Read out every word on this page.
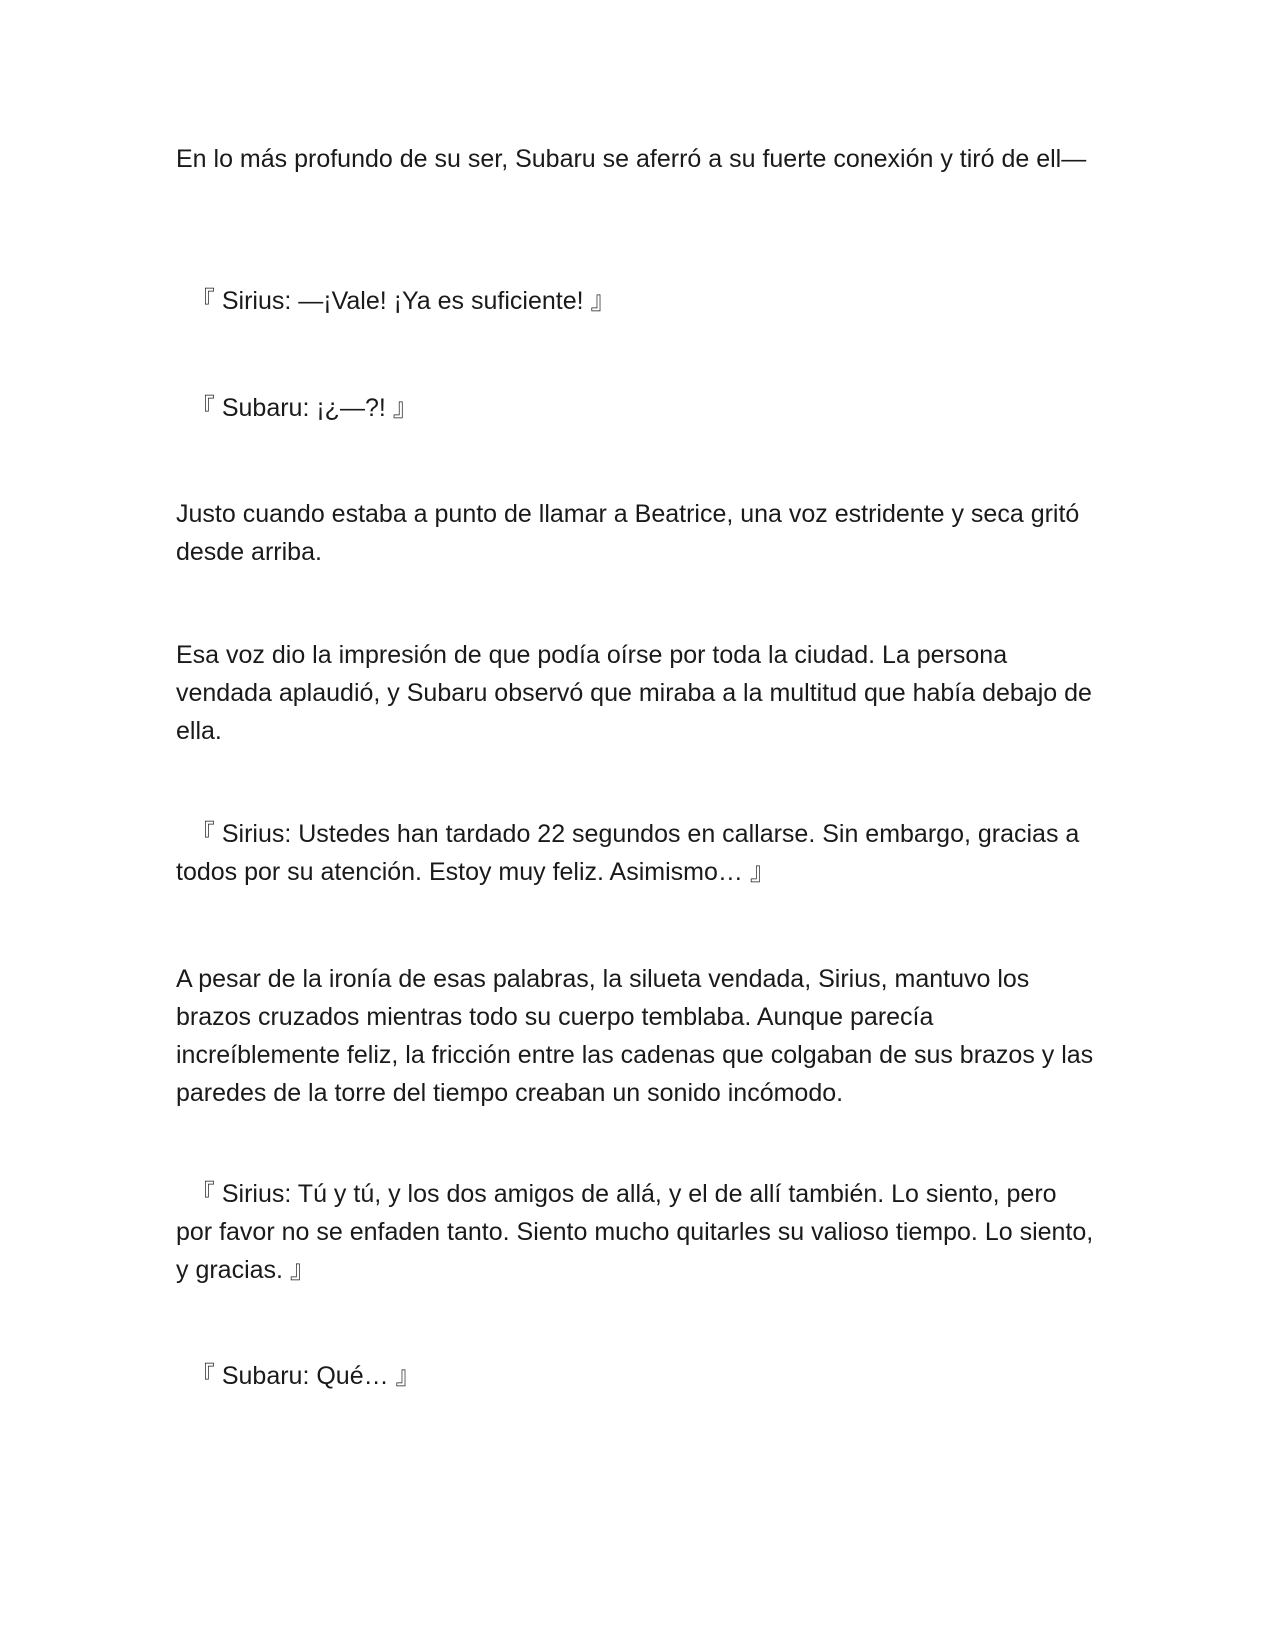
En lo más profundo de su ser, Subaru se aferró a su fuerte conexión y tiró de ell—

『 Sirius: —¡Vale! ¡Ya es suficiente! 』

『 Subaru: ¡¿—?! 』

Justo cuando estaba a punto de llamar a Beatrice, una voz estridente y seca gritó desde arriba.

Esa voz dio la impresión de que podía oírse por toda la ciudad. La persona vendada aplaudió, y Subaru observó que miraba a la multitud que había debajo de ella.

『 Sirius: Ustedes han tardado 22 segundos en callarse. Sin embargo, gracias a todos por su atención. Estoy muy feliz. Asimismo… 』

A pesar de la ironía de esas palabras, la silueta vendada, Sirius, mantuvo los brazos cruzados mientras todo su cuerpo temblaba. Aunque parecía increíblemente feliz, la fricción entre las cadenas que colgaban de sus brazos y las paredes de la torre del tiempo creaban un sonido incómodo.

『 Sirius: Tú y tú, y los dos amigos de allá, y el de allí también. Lo siento, pero por favor no se enfaden tanto. Siento mucho quitarles su valioso tiempo. Lo siento, y gracias. 』

『 Subaru: Qué… 』
